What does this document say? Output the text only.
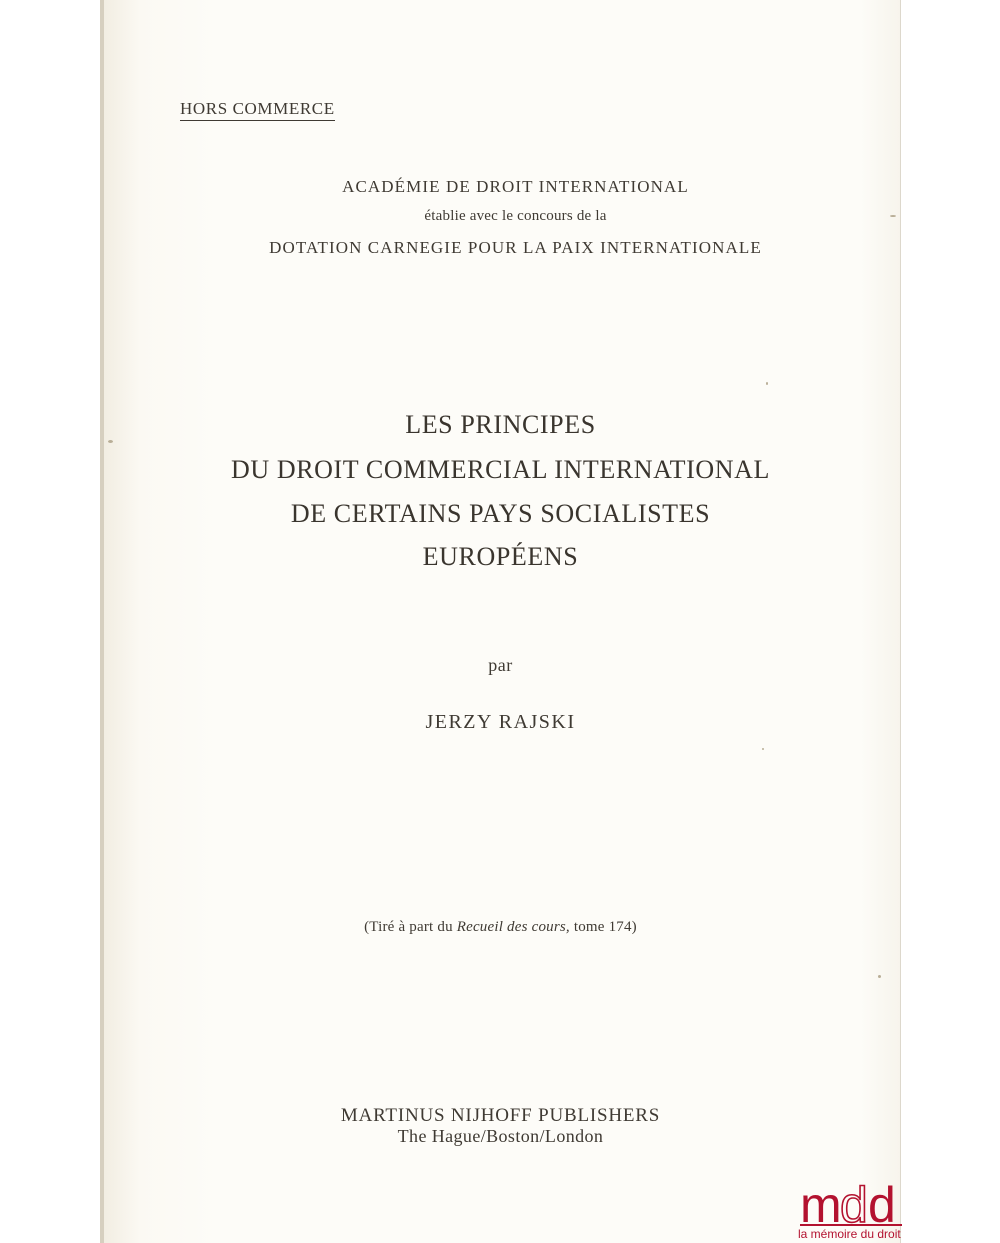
HORS COMMERCE
ACADÉMIE DE DROIT INTERNATIONAL
établie avec le concours de la
DOTATION CARNEGIE POUR LA PAIX INTERNATIONALE
LES PRINCIPES
DU DROIT COMMERCIAL INTERNATIONAL
DE CERTAINS PAYS SOCIALISTES
EUROPÉENS
par
JERZY RAJSKI
(Tiré à part du Recueil des cours, tome 174)
MARTINUS NIJHOFF PUBLISHERS
The Hague/Boston/London
m
d d
la mémoire du droit
